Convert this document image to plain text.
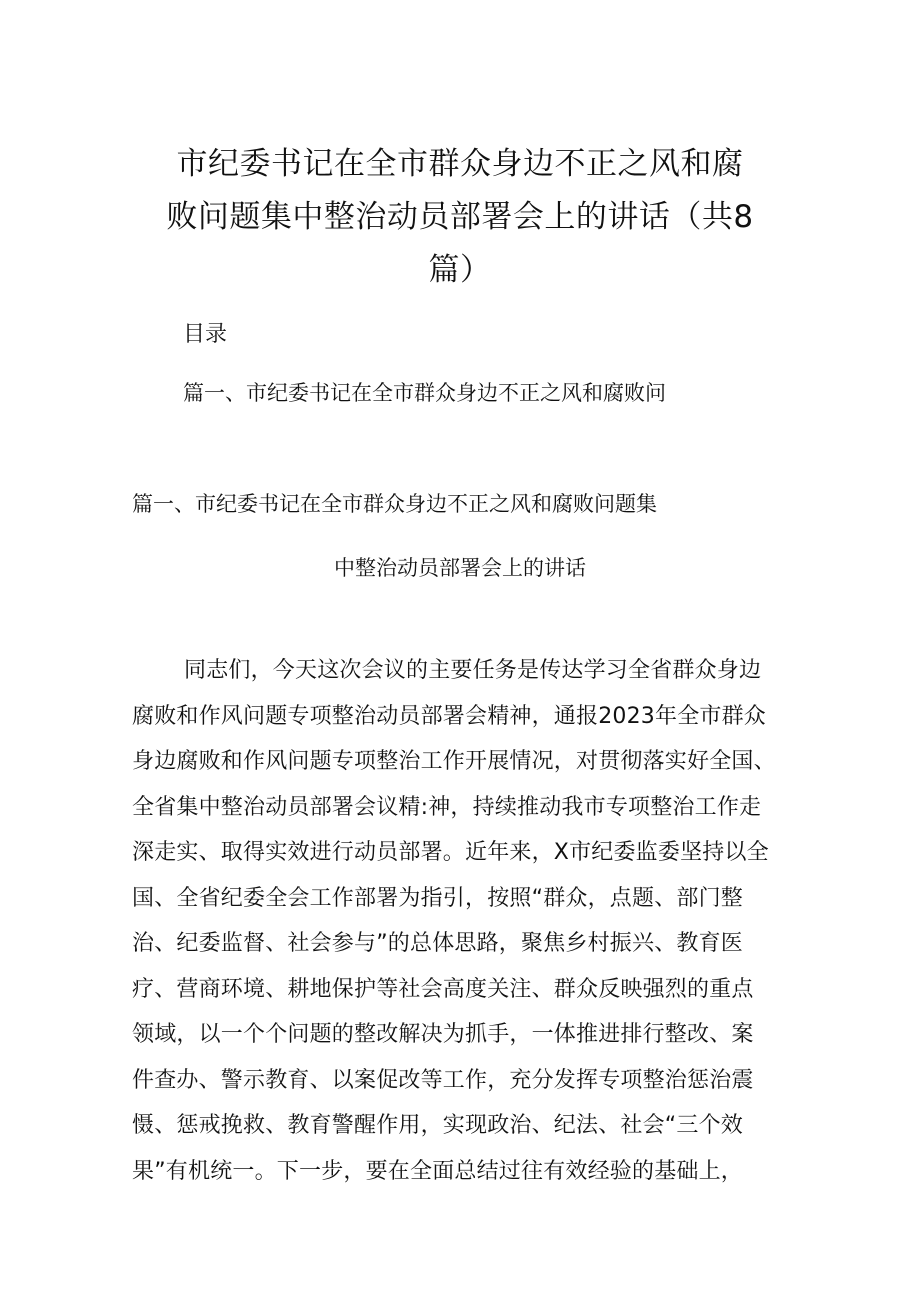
市纪委书记在全市群众身边不正之风和腐
败问题集中整治动员部署会上的讲话（共8
篇）
目录
篇一、市纪委书记在全市群众身边不正之风和腐败问
篇一、市纪委书记在全市群众身边不正之风和腐败问题集
中整治动员部署会上的讲话
同志们，今天这次会议的主要任务是传达学习全省群众身边
腐败和作风问题专项整治动员部署会精神，通报2023年全市群众
身边腐败和作风问题专项整治工作开展情况，对贯彻落实好全国、
全省集中整治动员部署会议精:神，持续推动我市专项整治工作走
深走实、取得实效进行动员部署。近年来，X市纪委监委坚持以全
国、全省纪委全会工作部署为指引，按照“群众，点题、部门整
治、纪委监督、社会参与”的总体思路，聚焦乡村振兴、教育医
疗、营商环境、耕地保护等社会高度关注、群众反映强烈的重点
领域，以一个个问题的整改解决为抓手，一体推进排行整改、案
件查办、警示教育、以案促改等工作，充分发挥专项整治惩治震
慑、惩戒挽救、教育警醒作用，实现政治、纪法、社会“三个效
果”有机统一。下一步，要在全面总结过往有效经验的基础上，
